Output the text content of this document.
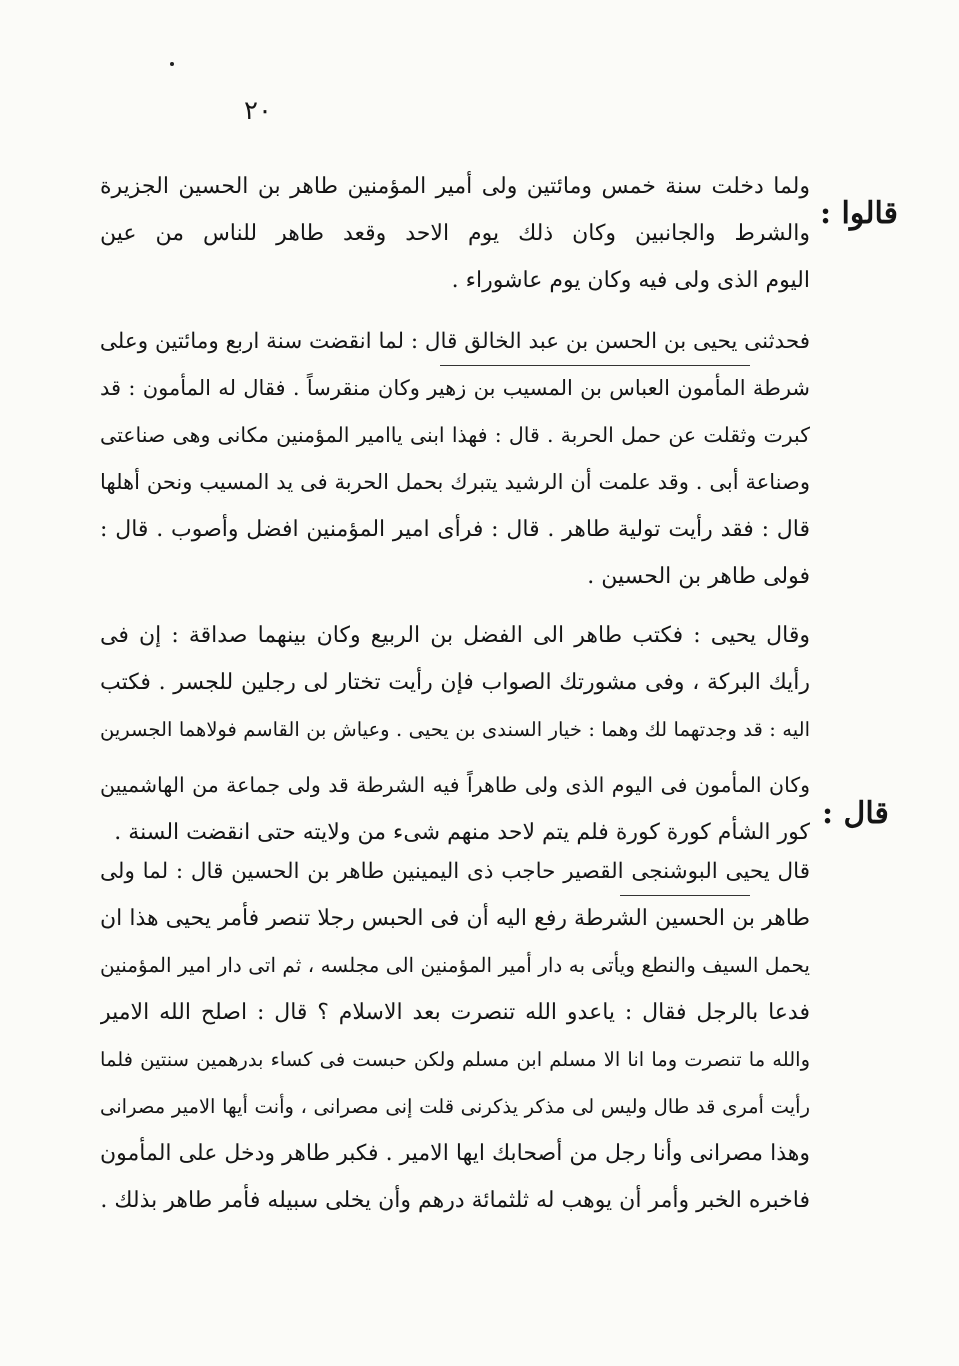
٢٠
قالوا :
ولما دخلت سنة خمس ومائتين ولى أمير المؤمنين طاهر بن الحسين الجزيرة
والشرط والجانبين وكان ذلك يوم الاحد وقعد طاهر للناس من عين
اليوم الذى ولى فيه وكان يوم عاشوراء .
فحدثنى يحيى بن الحسن بن عبد الخالق قال : لما انقضت سنة اربع ومائتين وعلى
شرطة المأمون العباس بن المسيب بن زهير وكان منقرساً . فقال له المأمون : قد
كبرت وثقلت عن حمل الحربة . قال : فهذا ابنى ياامير المؤمنين مكانى وهى صناعتى
وصناعة أبى . وقد علمت أن الرشيد يتبرك بحمل الحربة فى يد المسيب ونحن أهلها
قال : فقد رأيت تولية طاهر . قال : فرأى امير المؤمنين افضل وأصوب . قال :
فولى طاهر بن الحسين .
وقال يحيى : فكتب طاهر الى الفضل بن الربيع وكان بينهما صداقة : إن فى
رأيك البركة ، وفى مشورتك الصواب فإن رأيت تختار لى رجلين للجسر . فكتب
اليه : قد وجدتهما لك وهما : خيار السندى بن يحيى . وعياش بن القاسم فولاهما الجسرين
قال :
وكان المأمون فى اليوم الذى ولى طاهراً فيه الشرطة قد ولى جماعة من الهاشميين
كور الشأم كورة كورة فلم يتم لاحد منهم شىء من ولايته حتى انقضت السنة .
قال يحيى البوشنجى القصير حاجب ذى اليمينين طاهر بن الحسين قال : لما ولى
طاهر بن الحسين الشرطة رفع اليه أن فى الحبس رجلا تنصر فأمر يحيى هذا ان
يحمل السيف والنطع ويأتى به دار أمير المؤمنين الى مجلسه ، ثم اتى دار امير المؤمنين
فدعا بالرجل فقال : ياعدو الله تنصرت بعد الاسلام ؟ قال : اصلح الله الامير
والله ما تنصرت وما انا الا مسلم ابن مسلم ولكن حبست فى كساء بدرهمين سنتين فلما
رأيت أمرى قد طال وليس لى مذكر يذكرنى قلت إنى مصرانى ، وأنت أيها الامير مصرانى
وهذا مصرانى وأنا رجل من أصحابك ايها الامير . فكبر طاهر ودخل على المأمون
فاخبره الخبر وأمر أن يوهب له ثلثمائة درهم وأن يخلى سبيله فأمر طاهر بذلك .
